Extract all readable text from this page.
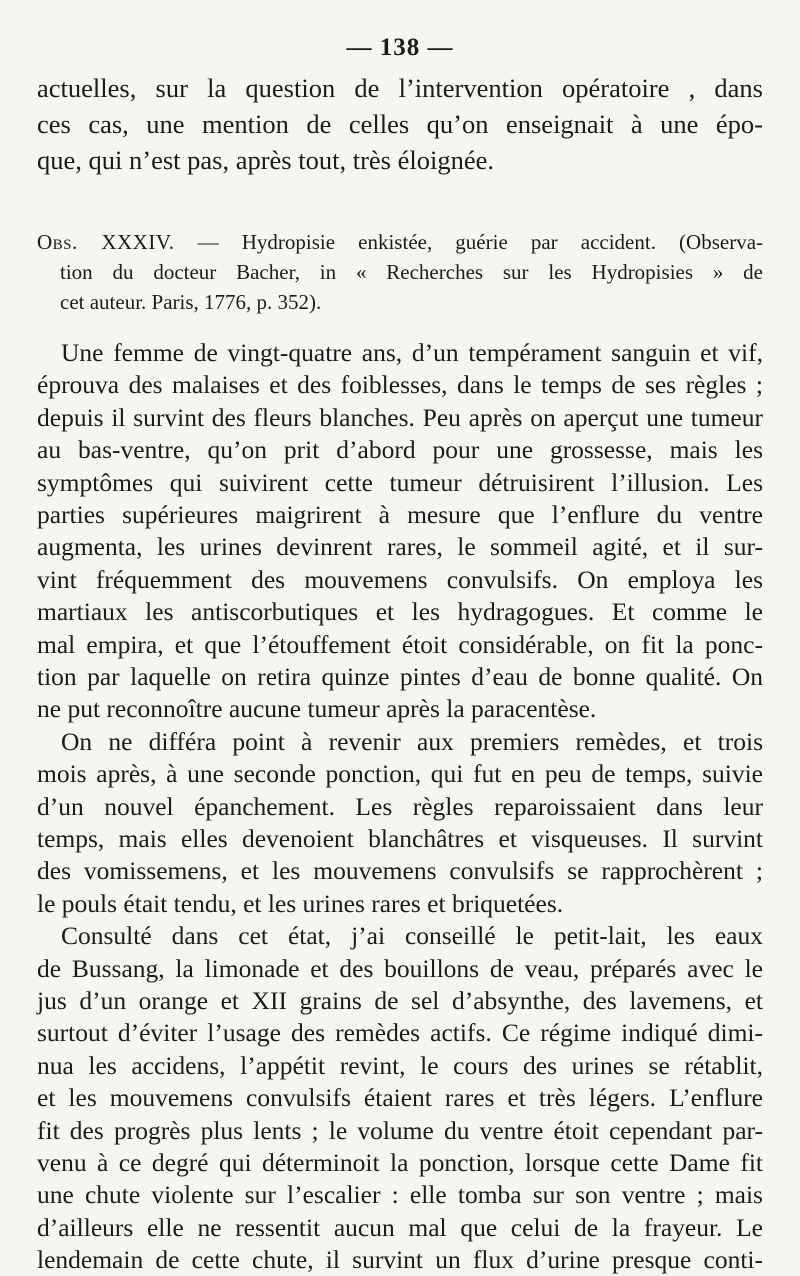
— 138 —
actuelles, sur la question de l’intervention opératoire , dans
ces cas, une mention de celles qu’on enseignait à une épo-
que, qui n’est pas, après tout, très éloignée.
Obs. XXXIV. — Hydropisie enkistée, guérie par accident. (Observa-
tion du docteur Bacher, in « Recherches sur les Hydropisies » de
cet auteur. Paris, 1776, p. 352).
Une femme de vingt-quatre ans, d’un tempérament sanguin et vif,
éprouva des malaises et des foiblesses, dans le temps de ses règles ;
depuis il survint des fleurs blanches. Peu après on aperçut une tumeur
au bas-ventre, qu’on prit d’abord pour une grossesse, mais les
symptômes qui suivirent cette tumeur détruisirent l’illusion. Les
parties supérieures maigrirent à mesure que l’enflure du ventre
augmenta, les urines devinrent rares, le sommeil agité, et il sur-
vint fréquemment des mouvemens convulsifs. On employa les
martiaux les antiscorbutiques et les hydragogues. Et comme le
mal empira, et que l’étouffement étoit considérable, on fit la ponc-
tion par laquelle on retira quinze pintes d’eau de bonne qualité. On
ne put reconnoître aucune tumeur après la paracentèse.
On ne différa point à revenir aux premiers remèdes, et trois
mois après, à une seconde ponction, qui fut en peu de temps, suivie
d’un nouvel épanchement. Les règles reparoissaient dans leur
temps, mais elles devenoient blanchâtres et visqueuses. Il survint
des vomissemens, et les mouvemens convulsifs se rapprochèrent ;
le pouls était tendu, et les urines rares et briquetées.
Consulté dans cet état, j’ai conseillé le petit-lait, les eaux
de Bussang, la limonade et des bouillons de veau, préparés avec le
jus d’un orange et XII grains de sel d’absynthe, des lavemens, et
surtout d’éviter l’usage des remèdes actifs. Ce régime indiqué dimi-
nua les accidens, l’appétit revint, le cours des urines se rétablit,
et les mouvemens convulsifs étaient rares et très légers. L’enflure
fit des progrès plus lents ; le volume du ventre étoit cependant par-
venu à ce degré qui déterminoit la ponction, lorsque cette Dame fit
une chute violente sur l’escalier : elle tomba sur son ventre ; mais
d’ailleurs elle ne ressentit aucun mal que celui de la frayeur. Le
lendemain de cette chute, il survint un flux d’urine presque conti-
